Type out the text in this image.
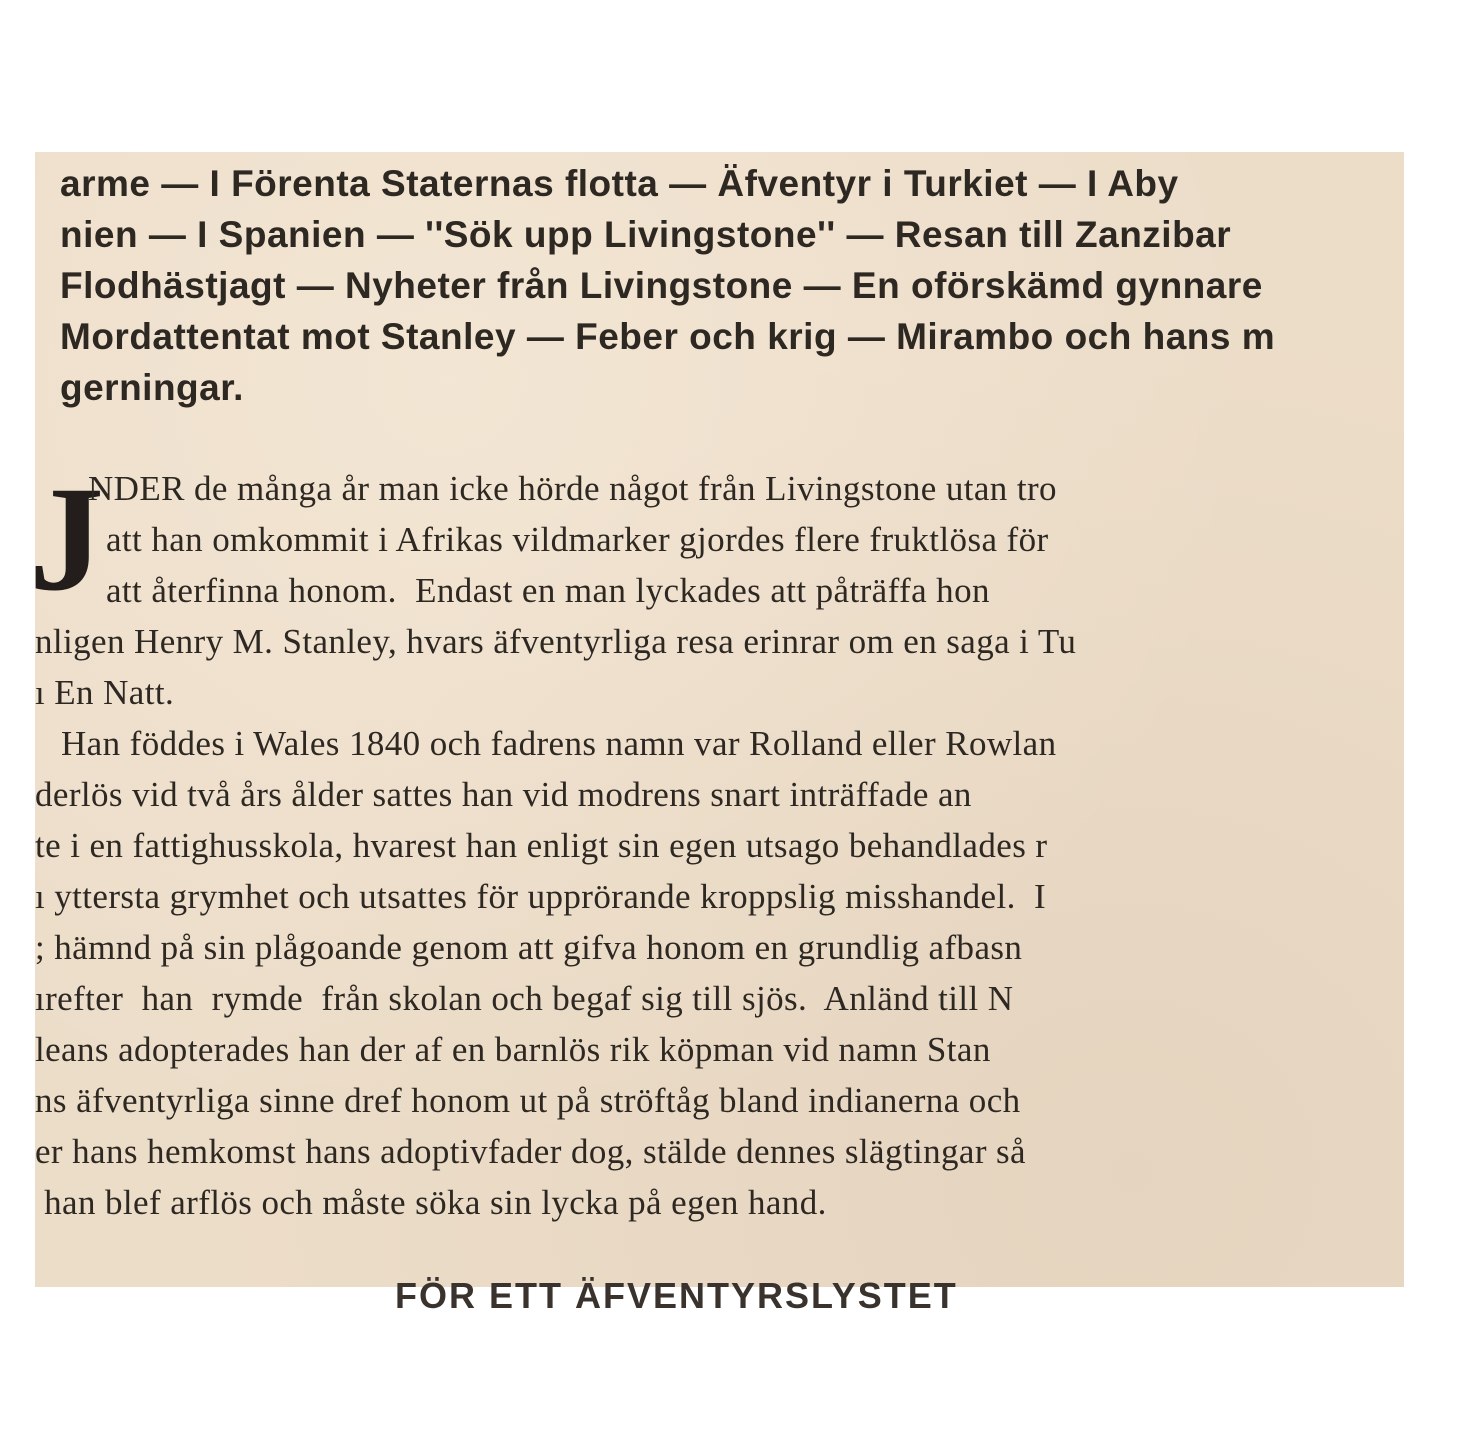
arme — I Förenta Staternas flotta — Äfventyr i Turkiet — I Aby
nien — I Spanien — ''Sök upp Livingstone'' — Resan till Zanzibar
Flodhästjagt — Nyheter från Livingstone — En oförskämd gynnare
Mordattentat mot Stanley — Feber och krig — Mirambo och hans m
gerningar.
J
NDER de många år man icke hörde något från Livingstone utan tro
att han omkommit i Afrikas vildmarker gjordes flere fruktlösa för
att återfinna honom.  Endast en man lyckades att påträffa hon
nligen Henry M. Stanley, hvars äfventyrliga resa erinrar om en saga i Tu
ı En Natt.
Han föddes i Wales 1840 och fadrens namn var Rolland eller Rowlan
derlös vid två års ålder sattes han vid modrens snart inträffade an
te i en fattighusskola, hvarest han enligt sin egen utsago behandlades r
ı yttersta grymhet och utsattes för upprörande kroppslig misshandel.  I
; hämnd på sin plågoande genom att gifva honom en grundlig afbasn
ırefter  han  rymde  från skolan och begaf sig till sjös.  Anländ till N
leans adopterades han der af en barnlös rik köpman vid namn Stan
ns äfventyrliga sinne dref honom ut på ströftåg bland indianerna och
er hans hemkomst hans adoptivfader dog, stälde dennes slägtingar så
han blef arflös och måste söka sin lycka på egen hand.
FÖR ETT ÄFVENTYRSLYSTET
